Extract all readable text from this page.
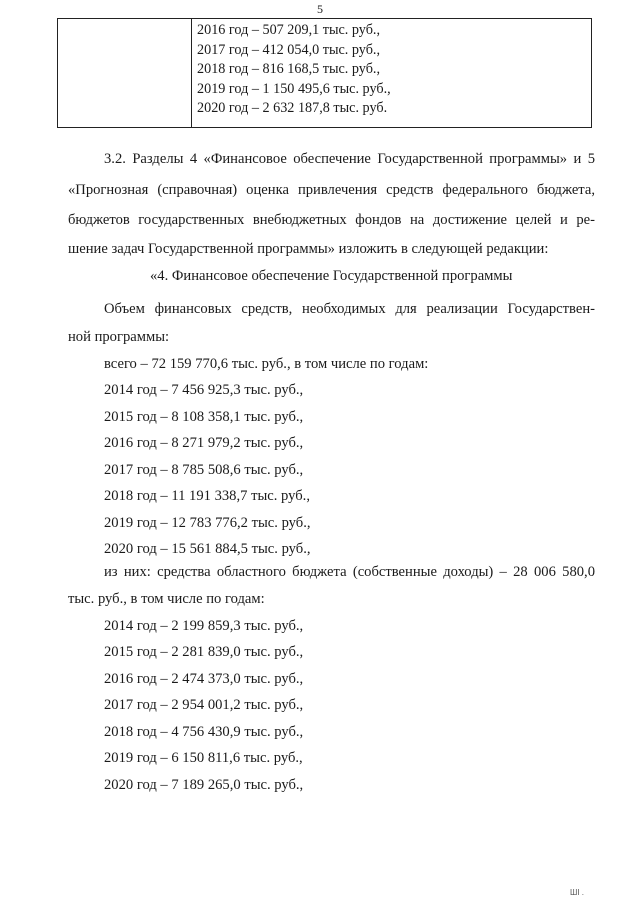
5

2016 год – 507 209,1 тыс. руб.,
2017 год – 412 054,0 тыс. руб.,
2018 год – 816 168,5 тыс. руб.,
2019 год – 1 150 495,6 тыс. руб.,
2020 год – 2 632 187,8 тыс. руб.
3.2. Разделы 4 «Финансовое обеспечение Государственной программы» и 5
«Прогнозная (справочная) оценка привлечения средств федерального бюджета,
бюджетов государственных внебюджетных фондов на достижение целей и ре-
шение задач Государственной программы» изложить в следующей редакции:
«4. Финансовое обеспечение Государственной программы
Объем финансовых средств, необходимых для реализации Государствен-
ной программы:
всего – 72 159 770,6 тыс. руб., в том числе по годам:
2014 год – 7 456 925,3 тыс. руб.,
2015 год – 8 108 358,1 тыс. руб.,
2016 год – 8 271 979,2 тыс. руб.,
2017 год – 8 785 508,6 тыс. руб.,
2018 год – 11 191 338,7 тыс. руб.,
2019 год – 12 783 776,2 тыс. руб.,
2020 год – 15 561 884,5 тыс. руб.,
из них: средства областного бюджета (собственные доходы) – 28 006 580,0
тыс. руб., в том числе по годам:
2014 год – 2 199 859,3 тыс. руб.,
2015 год – 2 281 839,0 тыс. руб.,
2016 год – 2 474 373,0 тыс. руб.,
2017 год – 2 954 001,2 тыс. руб.,
2018 год – 4 756 430,9 тыс. руб.,
2019 год – 6 150 811,6 тыс. руб.,
2020 год – 7 189 265,0 тыс. руб.,
ШI .
